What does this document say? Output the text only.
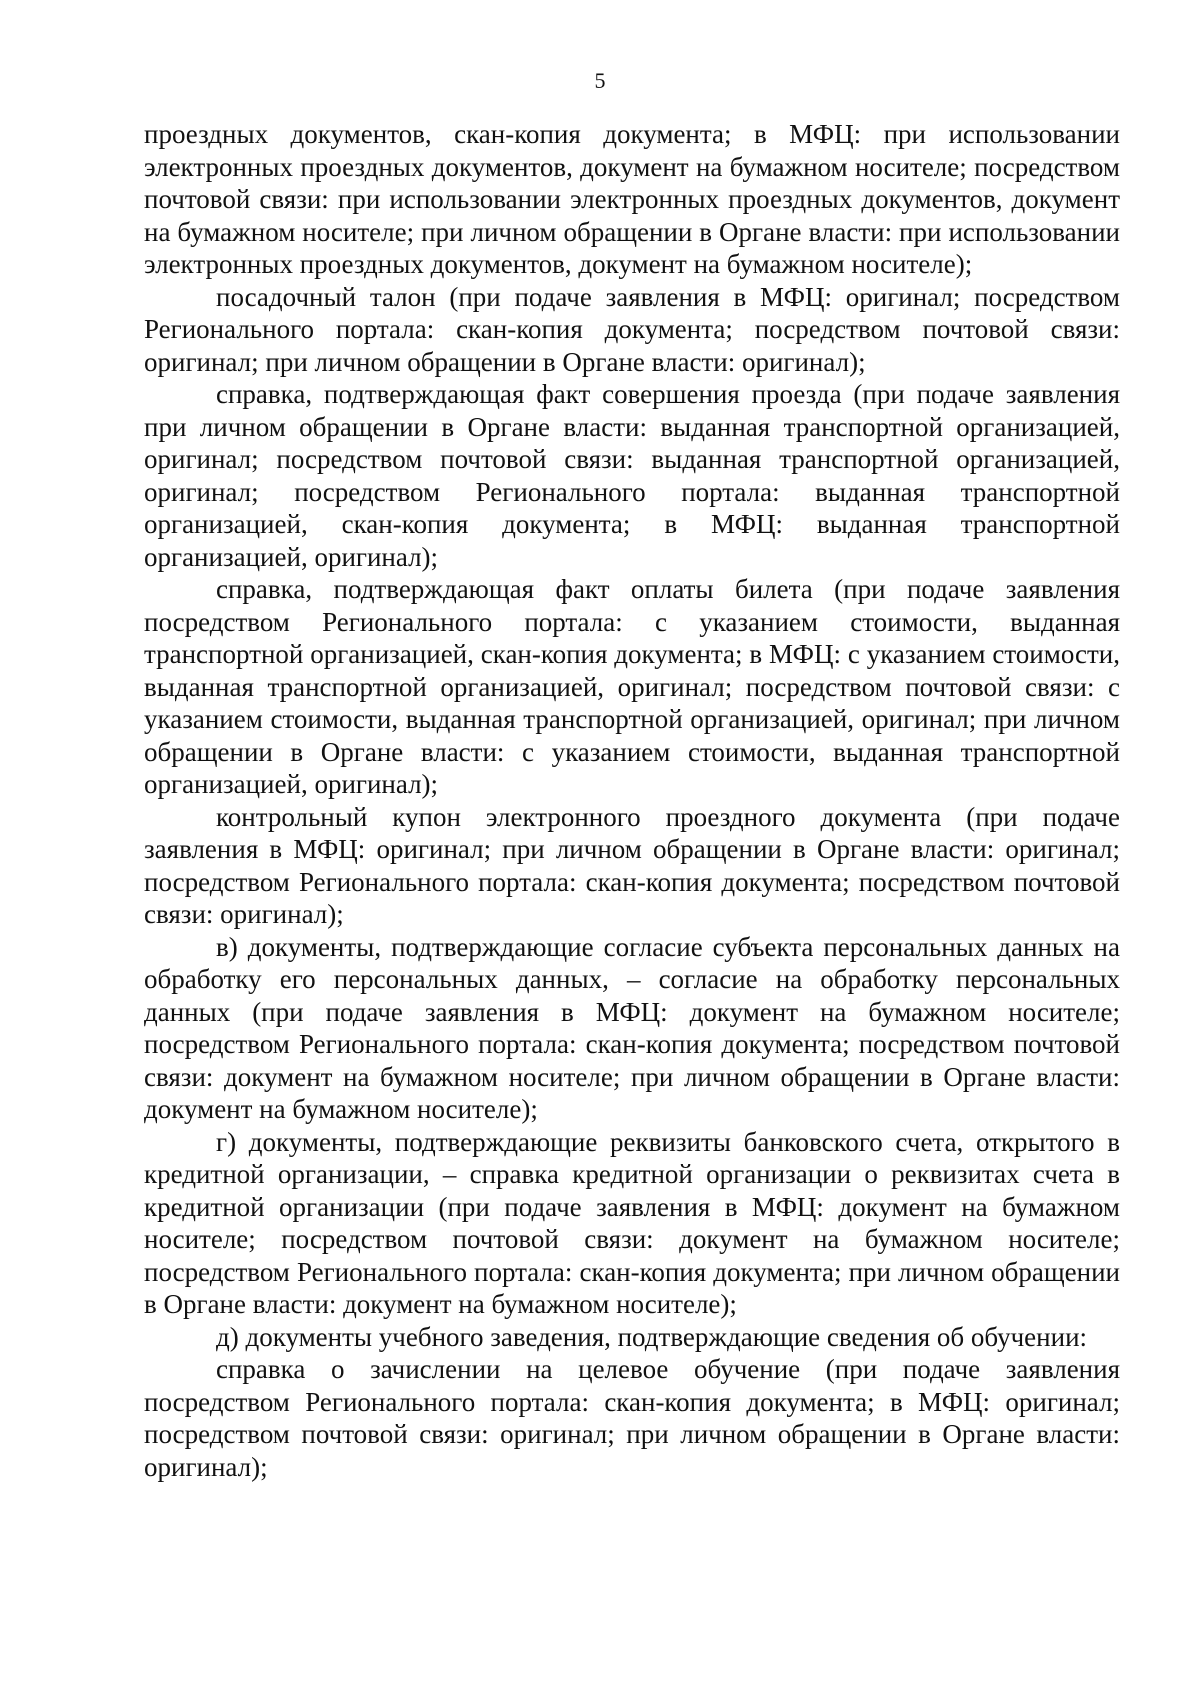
5

проездных документов, скан-копия документа; в МФЦ: при использовании электронных проездных документов, документ на бумажном носителе; посредством почтовой связи: при использовании электронных проездных документов, документ на бумажном носителе; при личном обращении в Органе власти: при использовании электронных проездных документов, документ на бумажном носителе);

посадочный талон (при подаче заявления в МФЦ: оригинал; посредством Регионального портала: скан-копия документа; посредством почтовой связи: оригинал; при личном обращении в Органе власти: оригинал);

справка, подтверждающая факт совершения проезда (при подаче заявления при личном обращении в Органе власти: выданная транспортной организацией, оригинал; посредством почтовой связи: выданная транспортной организацией, оригинал; посредством Регионального портала: выданная транспортной организацией, скан-копия документа; в МФЦ: выданная транспортной организацией, оригинал);

справка, подтверждающая факт оплаты билета (при подаче заявления посредством Регионального портала: с указанием стоимости, выданная транспортной организацией, скан-копия документа; в МФЦ: с указанием стоимости, выданная транспортной организацией, оригинал; посредством почтовой связи: с указанием стоимости, выданная транспортной организацией, оригинал; при личном обращении в Органе власти: с указанием стоимости, выданная транспортной организацией, оригинал);

контрольный купон электронного проездного документа (при подаче заявления в МФЦ: оригинал; при личном обращении в Органе власти: оригинал; посредством Регионального портала: скан-копия документа; посредством почтовой связи: оригинал);

в) документы, подтверждающие согласие субъекта персональных данных на обработку его персональных данных, – согласие на обработку персональных данных (при подаче заявления в МФЦ: документ на бумажном носителе; посредством Регионального портала: скан-копия документа; посредством почтовой связи: документ на бумажном носителе; при личном обращении в Органе власти: документ на бумажном носителе);

г) документы, подтверждающие реквизиты банковского счета, открытого в кредитной организации, – справка кредитной организации о реквизитах счета в кредитной организации (при подаче заявления в МФЦ: документ на бумажном носителе; посредством почтовой связи: документ на бумажном носителе; посредством Регионального портала: скан-копия документа; при личном обращении в Органе власти: документ на бумажном носителе);

д) документы учебного заведения, подтверждающие сведения об обучении:

справка о зачислении на целевое обучение (при подаче заявления посредством Регионального портала: скан-копия документа; в МФЦ: оригинал; посредством почтовой связи: оригинал; при личном обращении в Органе власти: оригинал);
